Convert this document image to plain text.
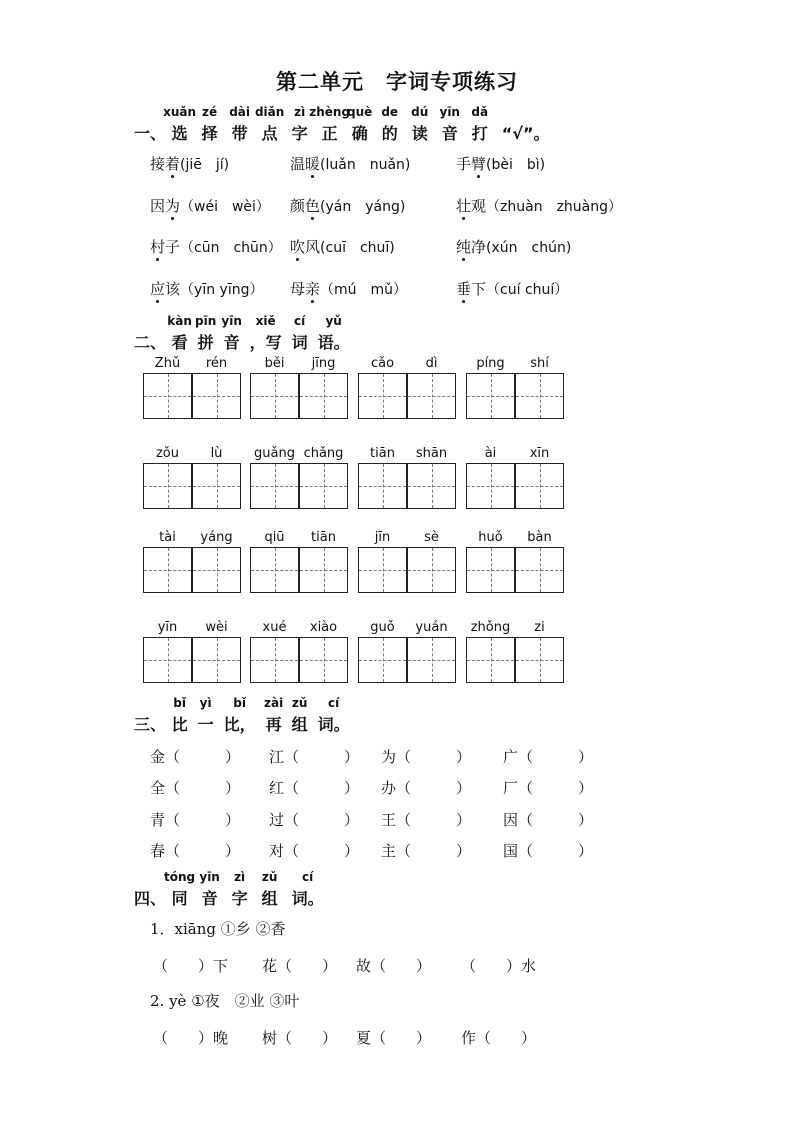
第二单元　字词专项练习
一、
xuǎn
选
zé
择
dài
带
diǎn
点
zì
字
zhèng
正
què
确
de
的
dú
读
yīn
音
dǎ
打 “√”。
接着(jiē　jí)	温暖(luǎn　nuǎn)	手臂(bèi　bì)
因为（wéi　wèi） 颜色(yán　yáng)	壮观（zhuàn　zhuàng）
村子（cūn　chūn） 吹风(cuī　chuī)	纯净(xún　chún)
应该（yīn yīng） 母亲（mú　mǔ）	垂下（cuí chuí）
二、
kàn
看
pīn
拼
yīn
音
xiě
，写
cí
词
yǔ
语。
Zhǔ	rén	běi	jīng	cǎo	dì	píng	shí
zǒu	lù	guǎng chǎng	tiān	shān	ài	xīn
tài	yáng	qiū	tiān	jīn	sè	huǒ	bàn
yīn	wèi	xué	xiào	guǒ	yuán	zhǒng	zi
三、
bǐ
比
yì
一
bǐ
比，
zài
再
zǔ
组
cí
词。
金（　　　） 江（　　　） 为（　　　） 广（　　　）
全（　　　） 红（　　　） 办（　　　） 厂（　　　）
青（　　　） 过（　　　） 王（　　　） 因（　　　）
春（　　　） 对（　　　） 主（　　　） 国（　　　）
四、
tóng
同
yīn
音
zì
字
zǔ
组
cí
词。
1．xiāng ①乡 ②香
（　　）下 花（　　） 故（　　） （　　）水
2. yè ①夜　②业 ③叶
（　　）晚 树（　　） 夏（　　） 作（　　）
